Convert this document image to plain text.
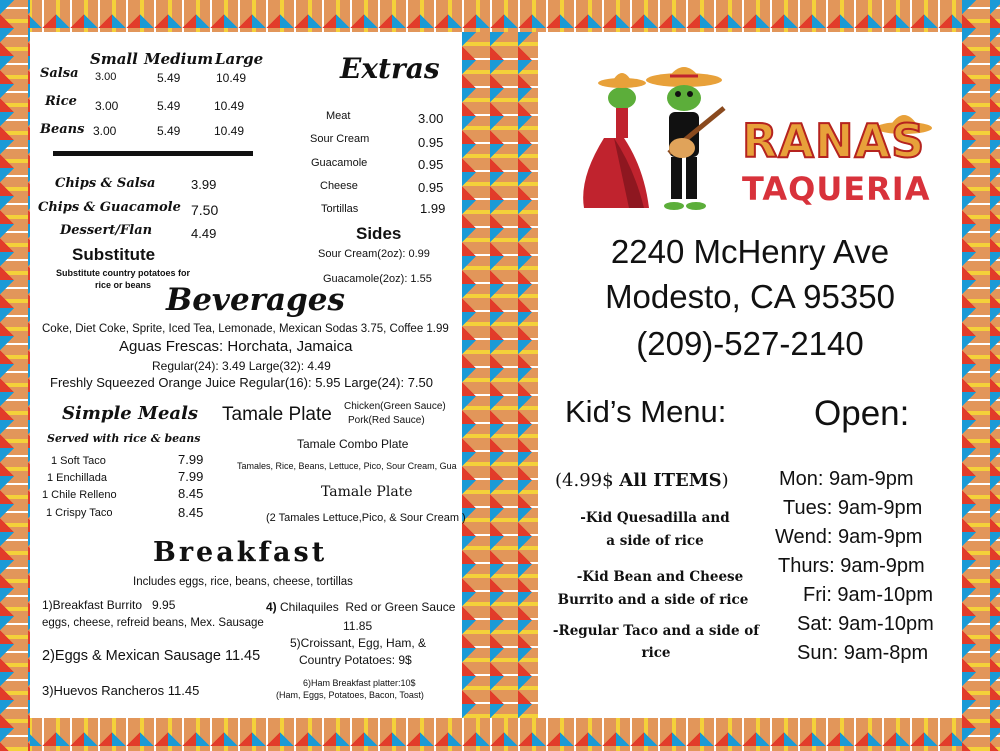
Small Medium Large
Salsa 3.00	5.49	10.49
Rice 3.00	5.49	10.49
Beans 3.00	5.49	10.49
Chips & Salsa	3.99
Chips & Guacamole 7.50
Dessert/Flan	4.49
Substitute
Substitute country potatoes for
rice or beans
Extras
Meat	3.00
Sour Cream	0.95
Guacamole	0.95
Cheese	0.95
Tortillas	1.99
Sides
Sour Cream(2oz): 0.99
Guacamole(2oz): 1.55
Beverages
Coke, Diet Coke, Sprite, Iced Tea, Lemonade, Mexican Sodas 3.75, Coffee 1.99
Aguas Frescas: Horchata, Jamaica
Regular(24): 3.49 Large(32): 4.49
Freshly Squeezed Orange Juice Regular(16): 5.95 Large(24): 7.50
Simple Meals
Served with rice & beans
1 Soft Taco	7.99
1 Enchillada	7.99
1 Chile Relleno	8.45
1 Crispy Taco	8.45
Tamale Plate Chicken(Green Sauce)
Pork(Red Sauce)
Tamale Combo Plate
Tamales, Rice, Beans, Lettuce, Pico, Sour Cream, Gua
Tamale Plate
(2 Tamales Lettuce,Pico, & Sour Cream )
Breakfast
Includes eggs, rice, beans, cheese, tortillas
1)Breakfast Burrito   9.95
eggs, cheese, refreid beans, Mex. Sausage
2)Eggs & Mexican Sausage 11.45
3)Huevos Rancheros 11.45
4) Chilaquiles  Red or Green Sauce
11.85
5)Croissant, Egg, Ham, &
Country Potatoes: 9$
6)Ham Breakfast platter:10$
(Ham, Eggs, Potatoes, Bacon, Toast)
RANAS
TAQUERIA
2240 McHenry Ave
Modesto, CA 95350
(209)-527-2140
Kid’s Menu:
(4.99$ All ITEMS)
-Kid Quesadilla and
a side of rice
-Kid Bean and Cheese
Burrito and a side of rice
-Regular Taco and a side of
rice
Open:
Mon: 9am-9pm
Tues: 9am-9pm
Wend: 9am-9pm
Thurs: 9am-9pm
Fri: 9am-10pm
Sat: 9am-10pm
Sun: 9am-8pm
